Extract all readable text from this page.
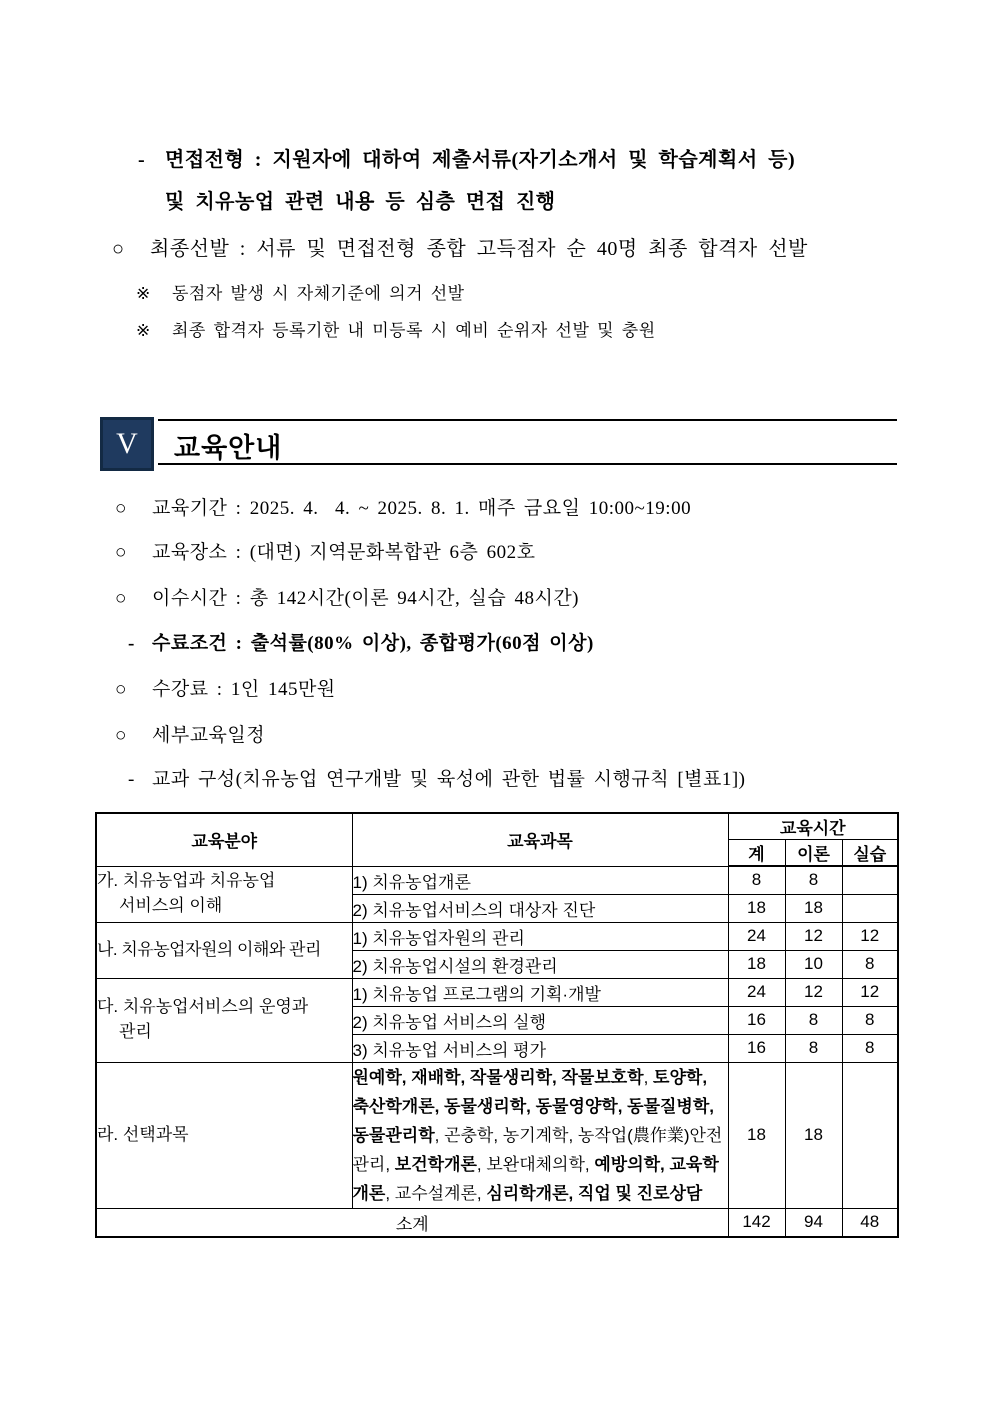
- 면접전형 : 지원자에 대하여 제출서류(자기소개서 및 학습계획서 등)
및 치유농업 관련 내용 등 심층 면접 진행
○ 최종선발 : 서류 및 면접전형 종합 고득점자 순 40명 최종 합격자 선발
※ 동점자 발생 시 자체기준에 의거 선발
※ 최종 합격자 등록기한 내 미등록 시 예비 순위자 선발 및 충원
V 교육안내
○ 교육기간 : 2025. 4.  4. ~ 2025. 8. 1. 매주 금요일 10:00~19:00
○ 교육장소 : (대면) 지역문화복합관 6층 602호
○ 이수시간 : 총 142시간(이론 94시간, 실습 48시간)
- 수료조건 : 출석률(80% 이상), 종합평가(60점 이상)
○ 수강료 : 1인 145만원
○ 세부교육일정
- 교과 구성(치유농업 연구개발 및 육성에 관한 법률 시행규칙 [별표1])
교육분야	교육과목	교육시간		
		계	이론	실습

가. 치유농업과 치유농업
서비스의 이해	1) 치유농업개론	8	8	
	2) 치유농업서비스의 대상자 진단	18	18	

나. 치유농업자원의 이해와 관리	1) 치유농업자원의 관리	24	12	12
	2) 치유농업시설의 환경관리	18	10	8

다. 치유농업서비스의 운영과
관리	1) 치유농업 프로그램의 기획·개발	24	12	12
	2) 치유농업 서비스의 실행	16	8	8
	3) 치유농업 서비스의 평가	16	8	8
라. 선택과목	원예학, 재배학, 작물생리학, 작물보호학, 토양학, 축산학개론, 동물생리학, 동물영양학, 동물질병학, 동물관리학, 곤충학, 농기계학, 농작업(農作業)안전관리, 보건학개론, 보완대체의학, 예방의학, 교육학개론, 교수설계론, 심리학개론, 직업 및 진로상담	18	18	
소계		142	94	48
